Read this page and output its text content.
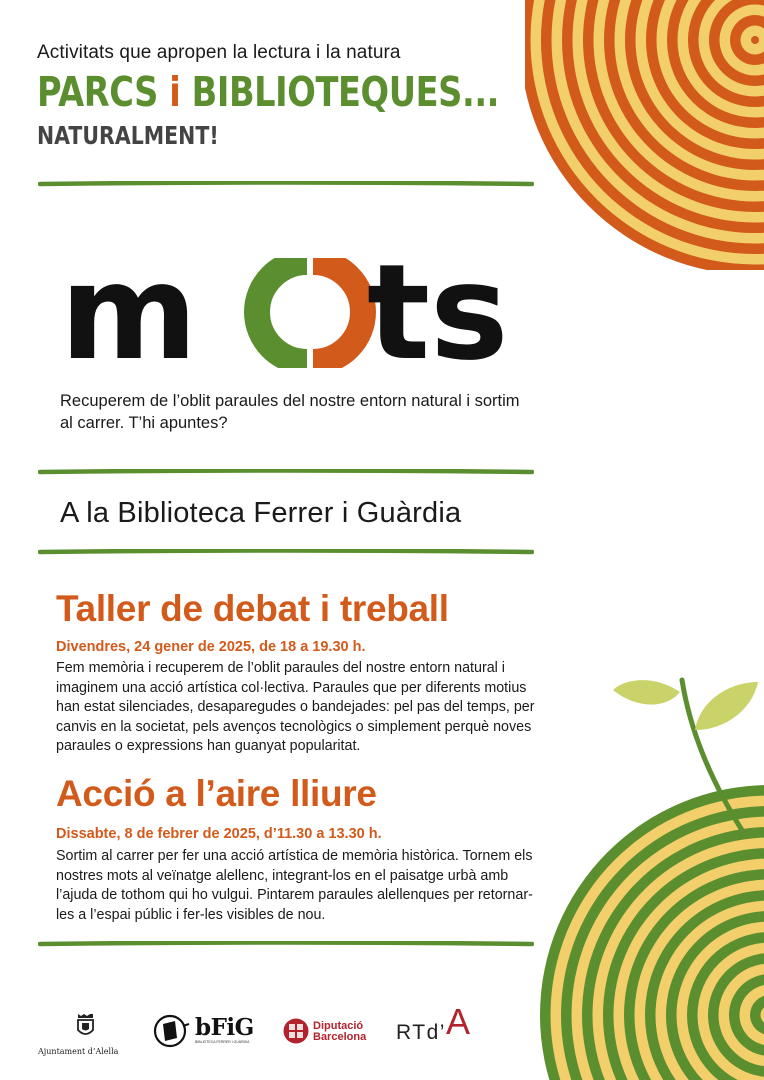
Activitats que apropen la lectura i la natura
PARCS i BIBLIOTEQUES...
NATURALMENT!
m t s
Recuperem de l’oblit paraules del nostre entorn natural i sortim al carrer. T’hi apuntes?
A la Biblioteca Ferrer i Guàrdia
Taller de debat i treball
Divendres, 24 gener de 2025, de 18 a 19.30 h.
Fem memòria i recuperem de l’oblit paraules del nostre entorn natural i imaginem una acció artística col·lectiva. Paraules que per diferents motius han estat silenciades, desaparegudes o bandejades: pel pas del temps, per canvis en la societat, pels avenços tecnològics o simplement perquè noves paraules o expressions han guanyat popularitat.
Acció a l’aire lliure
Dissabte, 8 de febrer de 2025, d’11.30 a 13.30 h.
Sortim al carrer per fer una acció artística de memòria històrica. Tornem els nostres mots al veïnatge alellenc, integrant-los en el paisatge urbà amb l’ajuda de tothom qui ho vulgui. Pintarem paraules alellenques per retornar-les a l’espai públic i fer-les visibles de nou.
Ajuntament d’Alella
bFiG
BIBLIOTECA FERRER i GUÀRDIA
Diputació
Barcelona RTd’ A
